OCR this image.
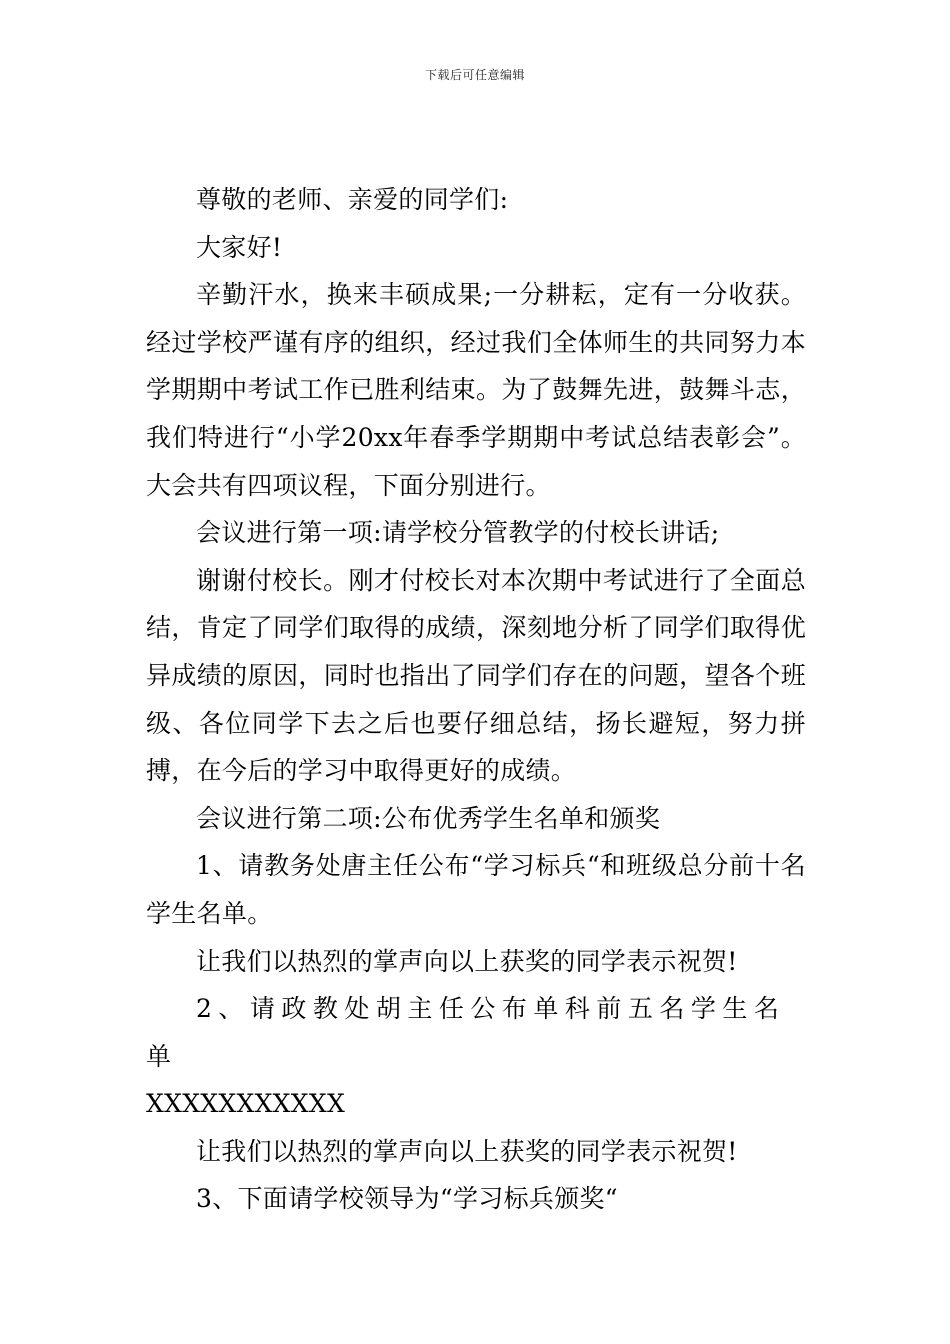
下载后可任意编辑

尊敬的老师、亲爱的同学们:

大家好!

辛勤汗水，换来丰硕成果;一分耕耘，定有一分收获。经过学校严谨有序的组织，经过我们全体师生的共同努力本学期期中考试工作已胜利结束。为了鼓舞先进，鼓舞斗志，我们特进行“小学20xx年春季学期期中考试总结表彰会”。大会共有四项议程，下面分别进行。

会议进行第一项:请学校分管教学的付校长讲话;

谢谢付校长。刚才付校长对本次期中考试进行了全面总结，肯定了同学们取得的成绩，深刻地分析了同学们取得优异成绩的原因，同时也指出了同学们存在的问题，望各个班级、各位同学下去之后也要仔细总结，扬长避短，努力拼搏，在今后的学习中取得更好的成绩。

会议进行第二项:公布优秀学生名单和颁奖

1、请教务处唐主任公布“学习标兵“和班级总分前十名学生名单。

让我们以热烈的掌声向以上获奖的同学表示祝贺!

2、请政教处胡主任公布单科前五名学生名单

XXXXXXXXXXX

让我们以热烈的掌声向以上获奖的同学表示祝贺!

3、下面请学校领导为“学习标兵颁奖“
